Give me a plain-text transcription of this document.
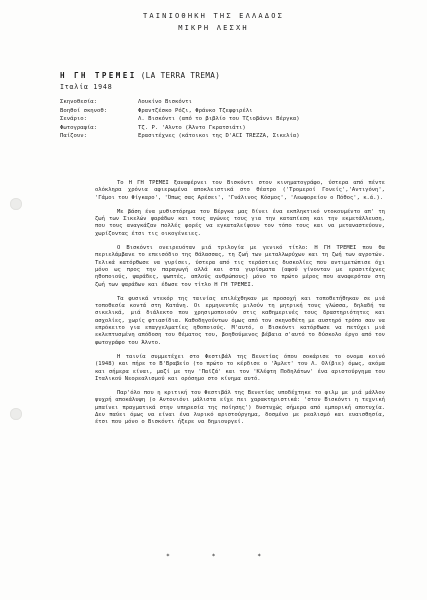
ΤΑΙΝΙΟΘΗΚΗ ΤΗΣ ΕΛΛΑΔΟΣ
ΜΙΚΡΗ ΛΕΣΧΗ
Η ΓΗ ΤΡΕΜΕΙ (LA TERRA TREMA)
Ιταλία 1948
Σκηνοθεσία:	Λουκίνο Βισκόντι
Βοηθοί σκηνοθ:	Φραντζέσκο Ρόζι, Φράνκο Τζεφφιρέλι
Σενάριο:	Λ. Βισκόντι (από το βιβλίο του Τζιοβάννι Βέργκα)
Φωτογραφία:	Τζ. Ρ. 'Αλντο (Άλντο Γκρατσιάτι)
Παίζουν:	Ερασιτέχνες (κάτοικοι της D'ACI TREZZA, Σικελία)

Το Η ΓΗ ΤΡΕΜΕΙ ξαναφέρνει τον Βισκόντι στον κινηματογράφο, ύστερα από πέντε ολόκληρα χρόνια αφιερωμένα αποκλειστικά στο θέατρο ('Τρομεροί Γονείς','Αντιγόνη', 'Γάμοι του Φίγκαρο', 'Όπως σας Αρέσει', 'Γυάλινος Κόσμος', 'Λεωφορείον ο Πόθος', κ.ά.).

Με βάση ένα μυθιστόρημα του Βέργκα μας δίνει ένα εκπληκτικό ντοκουμέντο απ' τη ζωή των Σικελών ψαράδων και τους αγώνες τους για την καταπίεση και την εκμετάλλευση, που τους αναγκάζαν πολλές φορές να εγκαταλείψουν τον τόπο τους και να μεταναστεύουν, χωρίζοντας έτσι τις οικογένειες.

Ο Βισκόντι ονειρευόταν μιά τριλογία με γενικό τίτλο: Η ΓΗ ΤΡΕΜΕΙ που θα περιελάμβανε το επεισόδιο της θάλασσας, τη ζωή των μεταλλωρύχων και τη ζωή των αγροτών. Τελικά κατόρθωσε να γυρίσει, ύστερα από τις τεράστιες δυσκολίες που αντιμετώπισε όχι μόνο ως προς την παραγωγή αλλά και στα γυρίσματα (αφού γίνονταν με ερασιτέχνες ηθοποιούς, ψαράδες, ψωπτές, απλούς ανθρώπους) μόνο το πρώτο μέρος που αναφερόταν στη ζωή των ψαράδων και έδωσε τον τίτλο Η ΓΗ ΤΡΕΜΕΙ.

Τα φυσικά ντεκόρ της ταινίας επιλέχθηκαν με προσοχή και τοποθετήθηκαν σε μιά τοποθεσία κοντά στη Κατάνη. Οι ερμηνευτές μιλούν τη μητρική τους γλώσσα, δηλαδή τα σικελικά, μιά διάλεκτο που χρησιμοποιούν στις καθημερινές τους δραστηριότητες και ασχολίες, χωρίς φτιασίδια. Καθοδηγούντων όμως από τον σκηνοθέτη με αυστηρό τρόπο σαν να επρόκειτο για επαγγελματίες ηθοποιούς. Μ'αυτό, ο Βισκόντι κατόρθωσε να πετύχει μιά εκλεπτυσμένη απόδοση του θέματος του, βοηθούμενος βέβαια σ'αυτό το δύσκολο έργο από τον φωτογράφο του Άλντο.

Η ταινία συμμετέχει στο Φεστιβάλ της Βενετίας όπου σοκάρισε το ονομα κοινό (1948) και πήρε το Β'Βραβείο (το πρώτο το κέρδισε ο 'Άμλετ' του Λ. Ολίβιε) όμως, ακόμα και σήμερα είναι, μαζί με την 'Παϊζά' και τον 'Κλέφτη Ποδηλάτων' ένα αριστούργημα του Ιταλικού Νεορεαλισμού και ορόσημο στο κίνημα αυτό.

Παρ'όλο που η κριτική του Φεστιβάλ της Βενετίας υποδέχτηκε το φιλμ με μιά μάλλον ψυχρή αποκάλυψη (ο Αντονιόνι μάλιστα είχε πει χαρακτηριστικά: 'στον Βισκόντι η τεχνική μπαίνει πραγματικά στην υπηρεσία της ποίησης') δυστυχώς σήμερα από εμπορική αποτυχία. Δεν παύει όμως να είναι ένα λυρικό αριστούργημα, δοσμένο με ρεαλισμό και ευαισθησία, έτσι που μόνο ο Βισκόντι ήξερε να δημιουργεί.

*	*	*
